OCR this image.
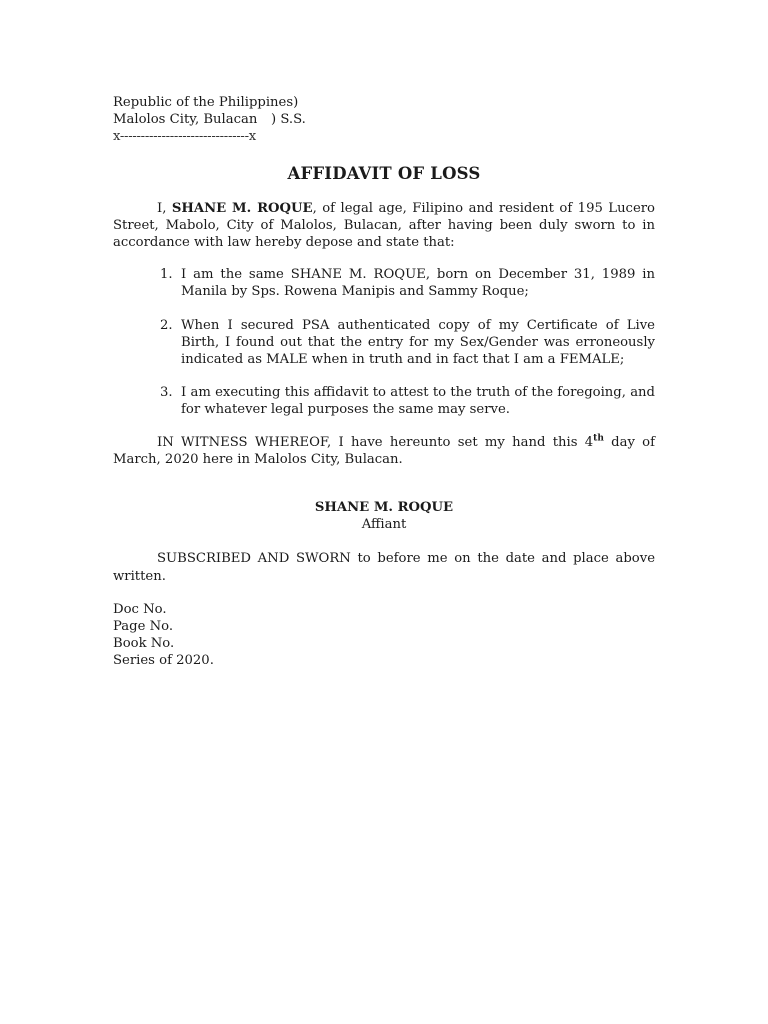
Republic of the Philippines)
Malolos City, Bulacan ) S.S.
x-------------------------------x
AFFIDAVIT OF LOSS

I, SHANE M. ROQUE, of legal age, Filipino and resident of 195 Lucero Street, Mabolo, City of Malolos, Bulacan, after having been duly sworn to in accordance with law hereby depose and state that:

1. I am the same SHANE M. ROQUE, born on December 31, 1989 in Manila by Sps. Rowena Manipis and Sammy Roque;
2. When I secured PSA authenticated copy of my Certificate of Live Birth, I found out that the entry for my Sex/Gender was erroneously indicated as MALE when in truth and in fact that I am a FEMALE;
3. I am executing this affidavit to attest to the truth of the foregoing, and for whatever legal purposes the same may serve.

IN WITNESS WHEREOF, I have hereunto set my hand this 4th day of March, 2020 here in Malolos City, Bulacan.

SHANE M. ROQUE
Affiant

SUBSCRIBED AND SWORN to before me on the date and place above written.

Doc No.
Page No.
Book No.
Series of 2020.
